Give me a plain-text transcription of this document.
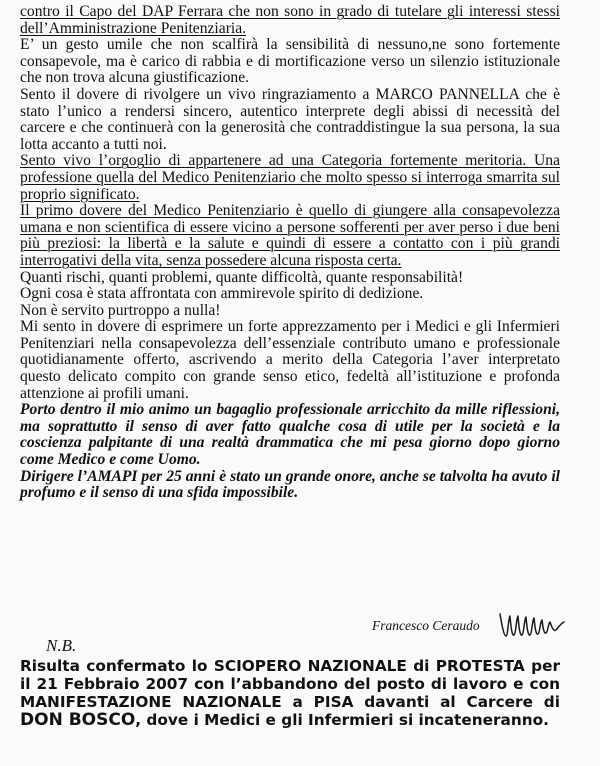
contro il Capo del DAP Ferrara che non sono in grado di tutelare gli interessi stessi dell’Amministrazione Penitenziaria.

E’ un gesto umile che non scalfirà la sensibilità di nessuno,ne sono fortemente consapevole, ma è carico di rabbia e di mortificazione verso un silenzio istituzionale che non trova alcuna giustificazione.

Sento il dovere di rivolgere un vivo ringraziamento a MARCO PANNELLA che è stato l’unico a rendersi sincero, autentico interprete degli abissi di necessità del carcere e che continuerà con la generosità che contraddistingue la sua persona, la sua lotta accanto a tutti noi.

Sento vivo l’orgoglio di appartenere ad una Categoria fortemente meritoria. Una professione quella del Medico Penitenziario che molto spesso si interroga smarrita sul proprio significato.

Il primo dovere del Medico Penitenziario è quello di giungere alla consapevolezza umana e non scientifica di essere vicino a persone sofferenti per aver perso i due beni più preziosi: la libertà e la salute e quindi di essere a contatto con i più grandi interrogativi della vita, senza possedere alcuna risposta certa.

Quanti rischi, quanti problemi, quante difficoltà, quante responsabilità!

Ogni cosa è stata affrontata con ammirevole spirito di dedizione.

Non è servito purtroppo a nulla!

Mi sento in dovere di esprimere un forte apprezzamento per i Medici e gli Infermieri Penitenziari nella consapevolezza dell’essenziale contributo umano e professionale quotidianamente offerto, ascrivendo a merito della Categoria l’aver interpretato questo delicato compito con grande senso etico, fedeltà all’istituzione e profonda attenzione ai profili umani.

Porto dentro il mio animo un bagaglio professionale arricchito da mille riflessioni, ma soprattutto il senso di aver fatto qualche cosa di utile per la società e la coscienza palpitante di una realtà drammatica che mi pesa giorno dopo giorno come Medico e come Uomo.

Dirigere l’AMAPI per 25 anni è stato un grande onore, anche se talvolta ha avuto il profumo e il senso di una sfida impossibile.

Francesco Ceraudo
N.B.
Risulta confermato lo SCIOPERO NAZIONALE di PROTESTA per il 21 Febbraio 2007 con l’abbandono del posto di lavoro e con MANIFESTAZIONE NAZIONALE a PISA davanti al Carcere di DON BOSCO, dove i Medici e gli Infermieri si incateneranno.
